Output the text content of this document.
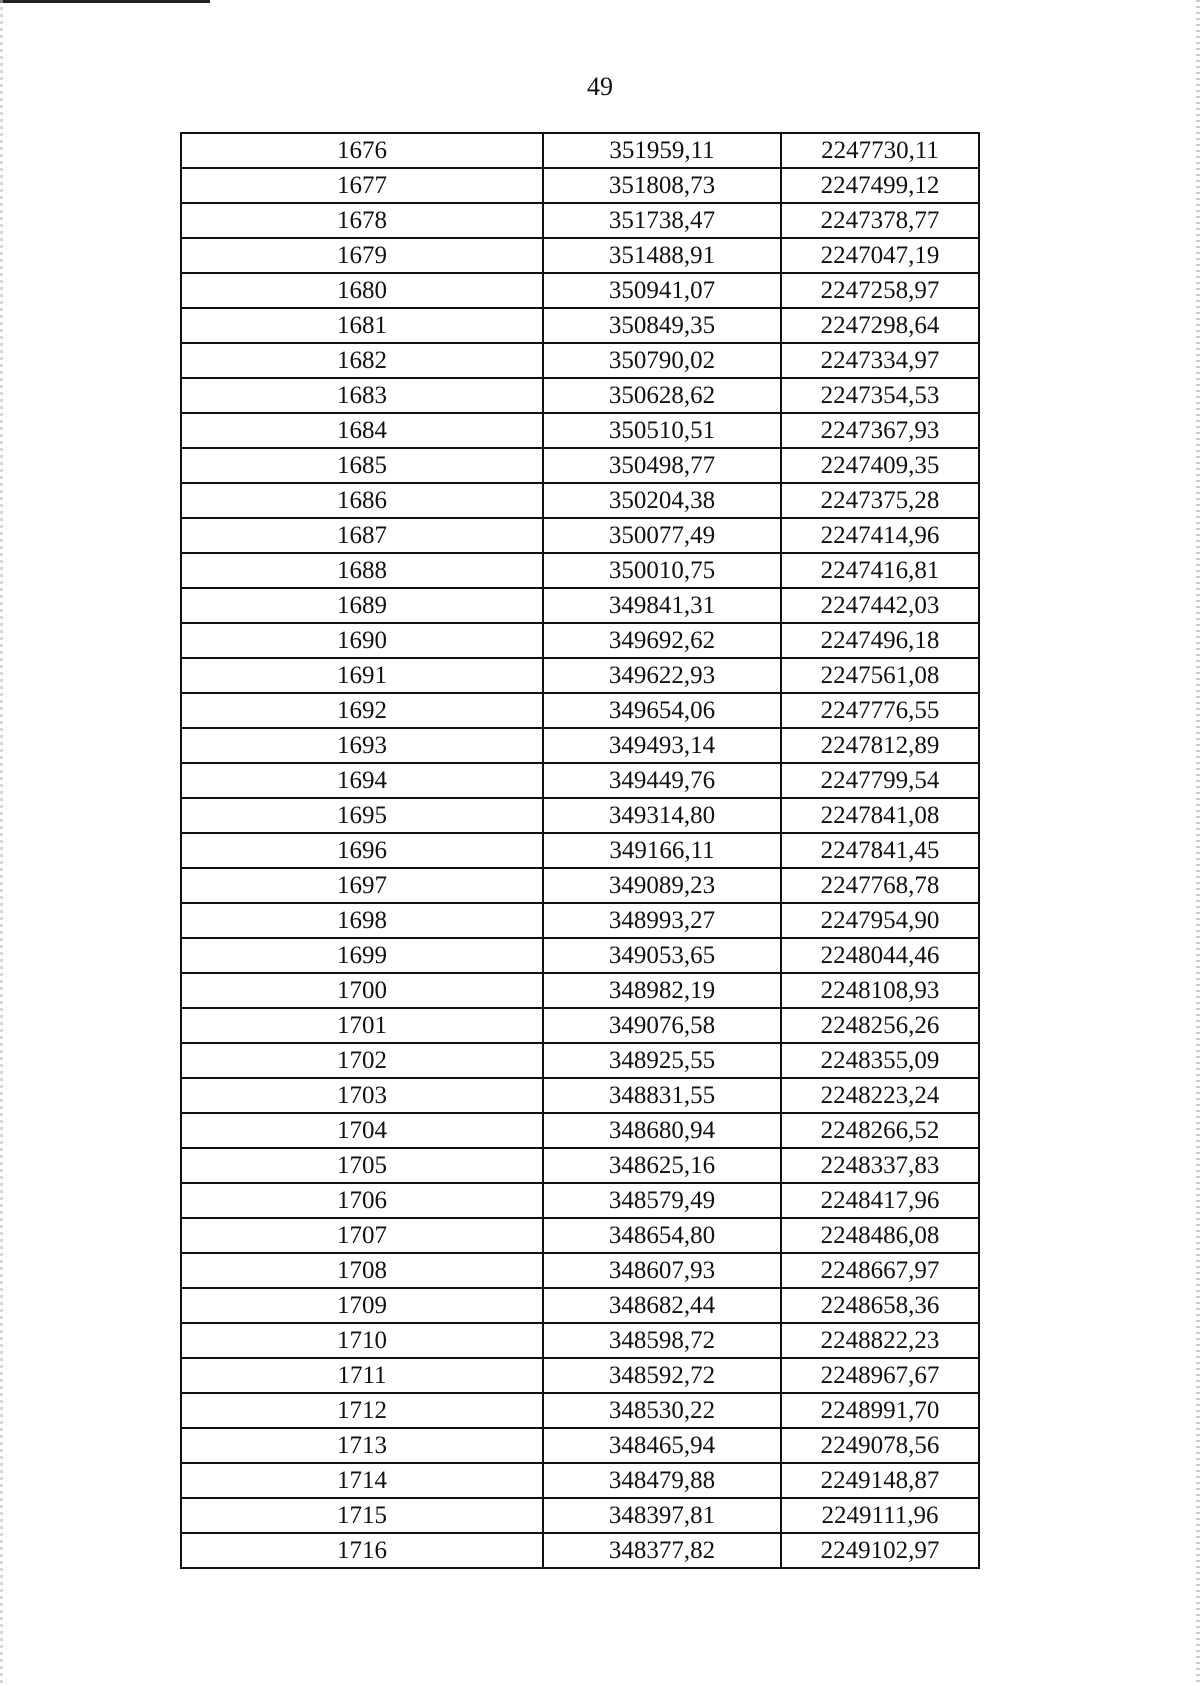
49
1676	351959,11	2247730,11
1677	351808,73	2247499,12
1678	351738,47	2247378,77
1679	351488,91	2247047,19
1680	350941,07	2247258,97
1681	350849,35	2247298,64
1682	350790,02	2247334,97
1683	350628,62	2247354,53
1684	350510,51	2247367,93
1685	350498,77	2247409,35
1686	350204,38	2247375,28
1687	350077,49	2247414,96
1688	350010,75	2247416,81
1689	349841,31	2247442,03
1690	349692,62	2247496,18
1691	349622,93	2247561,08
1692	349654,06	2247776,55
1693	349493,14	2247812,89
1694	349449,76	2247799,54
1695	349314,80	2247841,08
1696	349166,11	2247841,45
1697	349089,23	2247768,78
1698	348993,27	2247954,90
1699	349053,65	2248044,46
1700	348982,19	2248108,93
1701	349076,58	2248256,26
1702	348925,55	2248355,09
1703	348831,55	2248223,24
1704	348680,94	2248266,52
1705	348625,16	2248337,83
1706	348579,49	2248417,96
1707	348654,80	2248486,08
1708	348607,93	2248667,97
1709	348682,44	2248658,36
1710	348598,72	2248822,23
1711	348592,72	2248967,67
1712	348530,22	2248991,70
1713	348465,94	2249078,56
1714	348479,88	2249148,87
1715	348397,81	2249111,96
1716	348377,82	2249102,97
